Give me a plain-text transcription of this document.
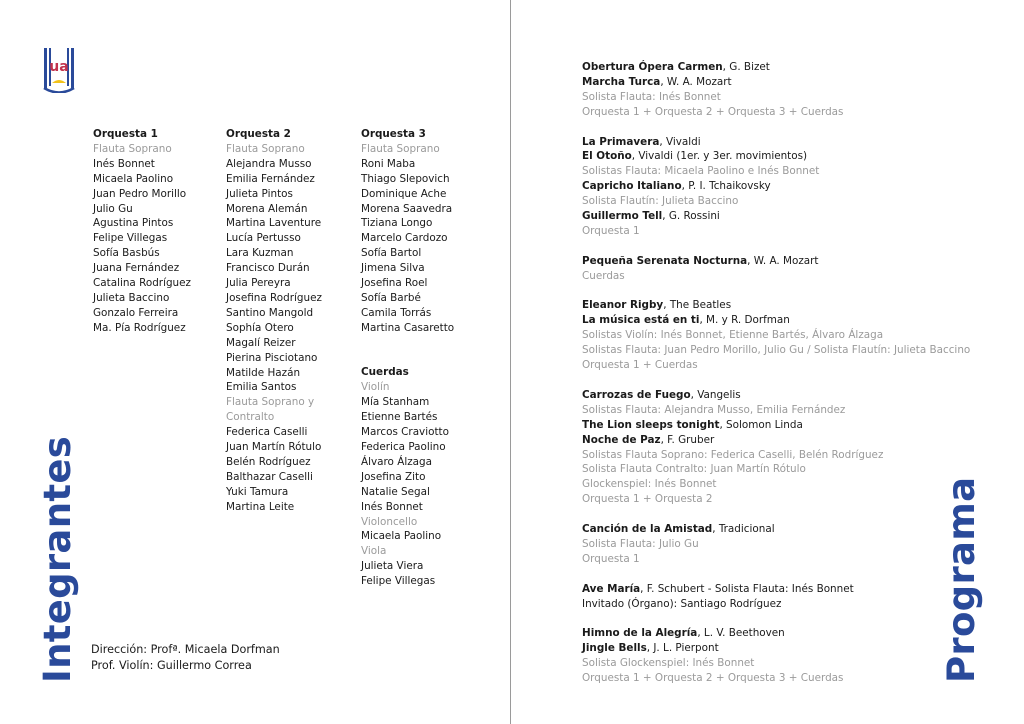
ua
Orquesta 1
Flauta Soprano
Inés Bonnet
Micaela Paolino
Juan Pedro Morillo
Julio Gu
Agustina Pintos
Felipe Villegas
Sofía Basbús
Juana Fernández
Catalina Rodríguez
Julieta Baccino
Gonzalo Ferreira
Ma. Pía Rodríguez
Orquesta 2
Flauta Soprano
Alejandra Musso
Emilia Fernández
Julieta Pintos
Morena Alemán
Martina Laventure
Lucía Pertusso
Lara Kuzman
Francisco Durán
Julia Pereyra
Josefina Rodríguez
Santino Mangold
Sophía Otero
Magalí Reizer
Pierina Pisciotano
Matilde Hazán
Emilia Santos
Flauta Soprano y
Contralto
Federica Caselli
Juan Martín Rótulo
Belén Rodríguez
Balthazar Caselli
Yuki Tamura
Martina Leite
Orquesta 3
Flauta Soprano
Roni Maba
Thiago Slepovich
Dominique Ache
Morena Saavedra
Tiziana Longo
Marcelo Cardozo
Sofía Bartol
Jimena Silva
Josefina Roel
Sofía Barbé
Camila Torrás
Martina Casaretto
Cuerdas
Violín
Mía Stanham
Etienne Bartés
Marcos Craviotto
Federica Paolino
Álvaro Álzaga
Josefina Zito
Natalie Segal
Inés Bonnet
Violoncello
Micaela Paolino
Viola
Julieta Viera
Felipe Villegas
Dirección: Profª. Micaela Dorfman
Prof. Violín: Guillermo Correa
Integrantes	Programa
Obertura Ópera Carmen, G. Bizet
Marcha Turca, W. A. Mozart
Solista Flauta: Inés Bonnet
Orquesta 1 + Orquesta 2 + Orquesta 3 + Cuerdas
La Primavera, Vivaldi
El Otoño, Vivaldi (1er. y 3er. movimientos)
Solistas Flauta: Micaela Paolino e Inés Bonnet
Capricho Italiano, P. I. Tchaikovsky
Solista Flautín: Julieta Baccino
Guillermo Tell, G. Rossini
Orquesta 1
Pequeña Serenata Nocturna, W. A. Mozart
Cuerdas
Eleanor Rigby, The Beatles
La música está en ti, M. y R. Dorfman
Solistas Violín: Inés Bonnet, Etienne Bartés, Álvaro Álzaga
Solistas Flauta: Juan Pedro Morillo, Julio Gu / Solista Flautín: Julieta Baccino
Orquesta 1 + Cuerdas
Carrozas de Fuego, Vangelis
Solistas Flauta: Alejandra Musso, Emilia Fernández
The Lion sleeps tonight, Solomon Linda
Noche de Paz, F. Gruber
Solistas Flauta Soprano: Federica Caselli, Belén Rodríguez
Solista Flauta Contralto: Juan Martín Rótulo
Glockenspiel: Inés Bonnet
Orquesta 1 + Orquesta 2
Canción de la Amistad, Tradicional
Solista Flauta: Julio Gu
Orquesta 1
Ave María, F. Schubert - Solista Flauta: Inés Bonnet
Invitado (Órgano): Santiago Rodríguez
Himno de la Alegría, L. V. Beethoven
Jingle Bells, J. L. Pierpont
Solista Glockenspiel: Inés Bonnet
Orquesta 1 + Orquesta 2 + Orquesta 3 + Cuerdas
